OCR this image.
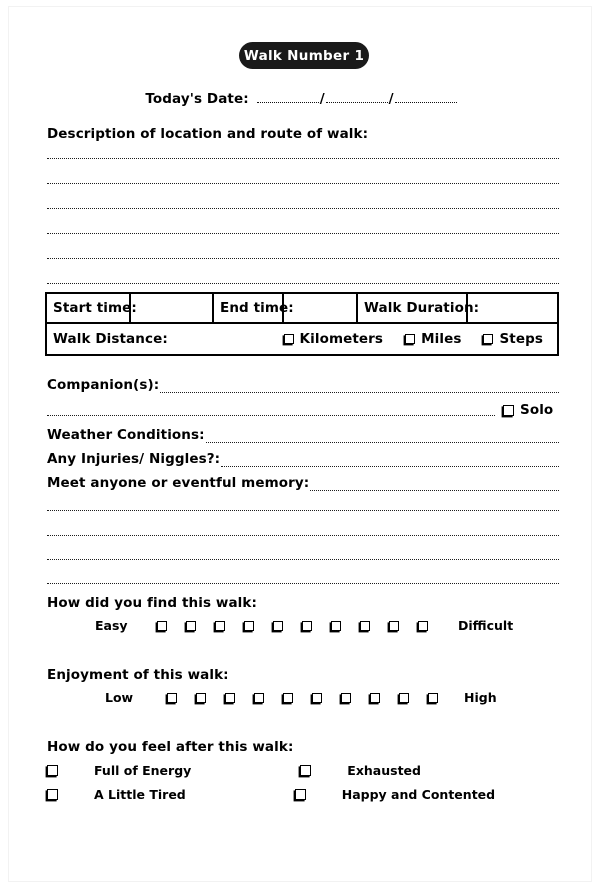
Walk Number 1
Today's Date:	/	/
Description of location and route of walk:
Start time:	End time:	Walk Duration:
Walk Distance:	Kilometers	Miles	Steps
Companion(s):
Solo
Weather Conditions:
Any Injuries/ Niggles?:
Meet anyone or eventful memory:
How did you find this walk:
Easy	Difficult
Enjoyment of this walk:
Low	High
How do you feel after this walk:
Full of Energy	Exhausted
A Little Tired	Happy and Contented
